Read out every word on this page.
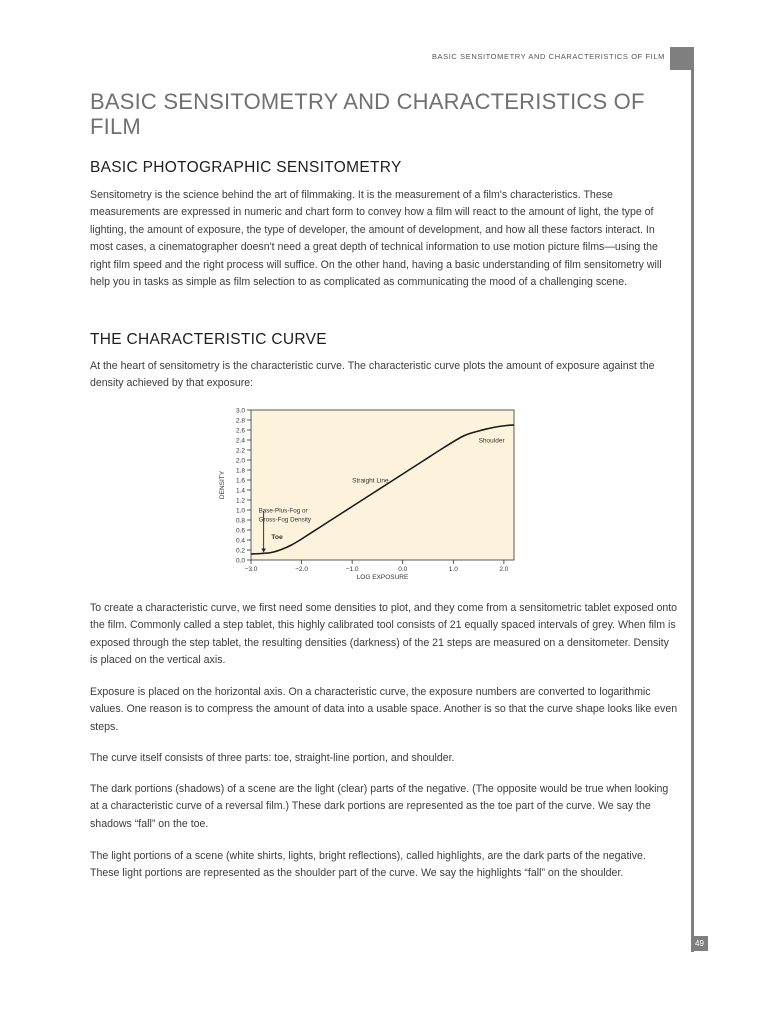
BASIC SENSITOMETRY AND CHARACTERISTICS OF FILM
49
BASIC SENSITOMETRY AND CHARACTERISTICS OF FILM
BASIC PHOTOGRAPHIC SENSITOMETRY

Sensitometry is the science behind the art of filmmaking. It is the measurement of a film's characteristics. These measurements are expressed in numeric and chart form to convey how a film will react to the amount of light, the type of lighting, the amount of exposure, the type of developer, the amount of development, and how all these factors interact. In most cases, a cinematographer doesn't need a great depth of technical information to use motion picture films—using the right film speed and the right process will suffice. On the other hand, having a basic understanding of film sensitometry will help you in tasks as simple as film selection to as complicated as communicating the mood of a challenging scene.

THE CHARACTERISTIC CURVE

At the heart of sensitometry is the characteristic curve. The characteristic curve plots the amount of exposure against the density achieved by that exposure:

0.0
0.2
0.4
0.6
0.8
1.0
1.2
1.4
1.6
1.8
2.0
2.2
2.4
2.6
2.8
3.0
−3.0	−2.0	−1.0	0.0	1.0	2.0
LOG EXPOSURE
DENSITY
Base-Plus-Fog or
Gross-Fog Density
Toe
Straight Line
Shoulder

To create a characteristic curve, we first need some densities to plot, and they come from a sensitometric tablet exposed onto the film. Commonly called a step tablet, this highly calibrated tool consists of 21 equally spaced intervals of grey. When film is exposed through the step tablet, the resulting densities (darkness) of the 21 steps are measured on a densitometer. Density is placed on the vertical axis.

Exposure is placed on the horizontal axis. On a characteristic curve, the exposure numbers are converted to logarithmic values. One reason is to compress the amount of data into a usable space. Another is so that the curve shape looks like even steps.

The curve itself consists of three parts: toe, straight-line portion, and shoulder.

The dark portions (shadows) of a scene are the light (clear) parts of the negative. (The opposite would be true when looking at a characteristic curve of a reversal film.) These dark portions are represented as the toe part of the curve. We say the shadows “fall” on the toe.

The light portions of a scene (white shirts, lights, bright reflections), called highlights, are the dark parts of the negative. These light portions are represented as the shoulder part of the curve. We say the highlights “fall” on the shoulder.
